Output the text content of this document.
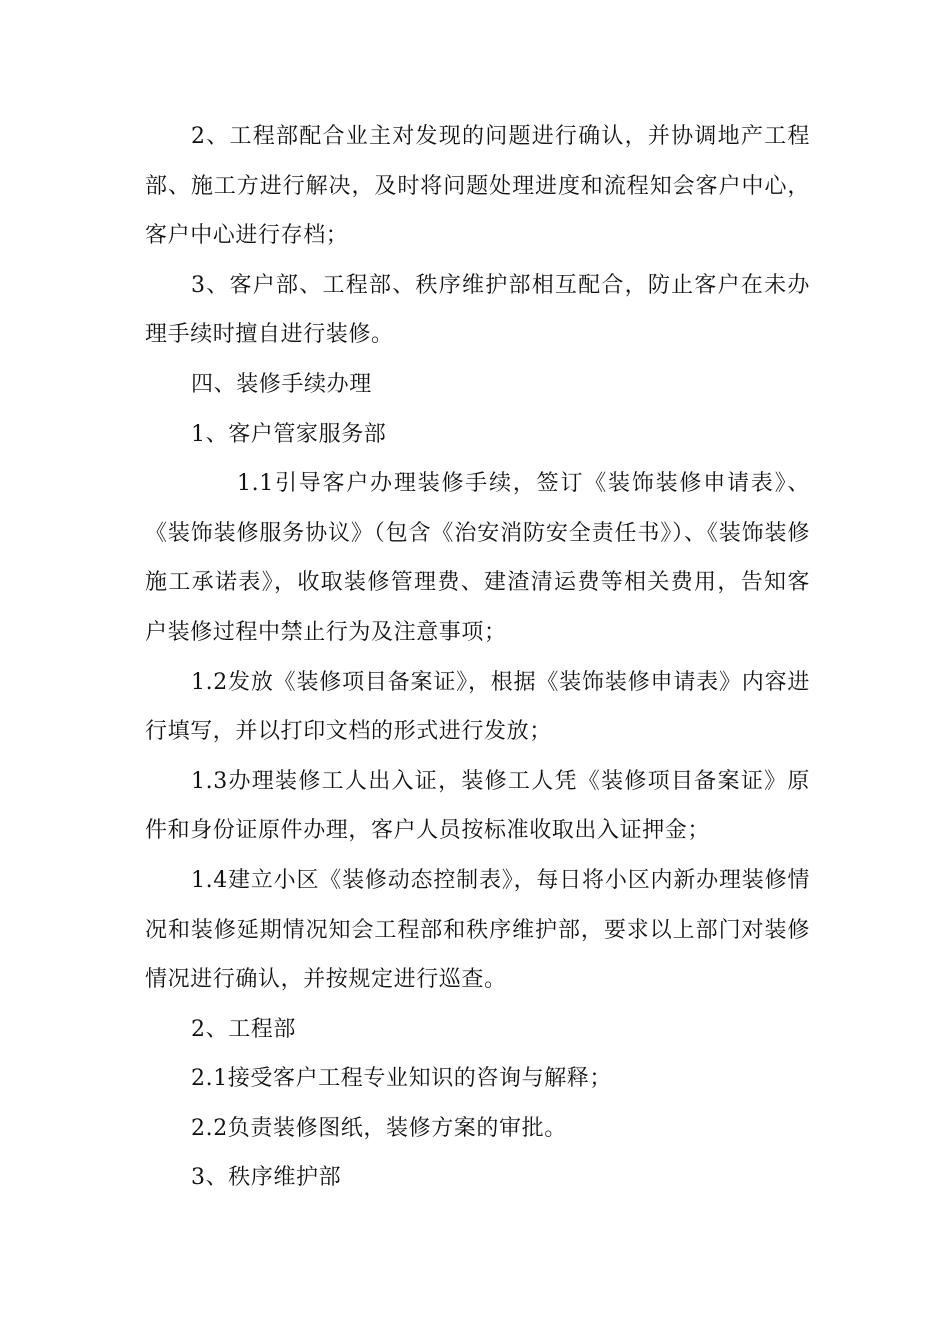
2、工程部配合业主对发现的问题进行确认，并协调地产工程部、施工方进行解决，及时将问题处理进度和流程知会客户中心，客户中心进行存档；

3、客户部、工程部、秩序维护部相互配合，防止客户在未办理手续时擅自进行装修。

四、装修手续办理

1、客户管家服务部

1.1引导客户办理装修手续，签订《装饰装修申请表》、《装饰装修服务协议》（包含《治安消防安全责任书》）、《装饰装修施工承诺表》，收取装修管理费、建渣清运费等相关费用，告知客户装修过程中禁止行为及注意事项；

1.2发放《装修项目备案证》，根据《装饰装修申请表》内容进行填写，并以打印文档的形式进行发放；

1.3办理装修工人出入证，装修工人凭《装修项目备案证》原件和身份证原件办理，客户人员按标准收取出入证押金；

1.4建立小区《装修动态控制表》，每日将小区内新办理装修情况和装修延期情况知会工程部和秩序维护部，要求以上部门对装修情况进行确认，并按规定进行巡查。

2、工程部

2.1接受客户工程专业知识的咨询与解释；

2.2负责装修图纸，装修方案的审批。

3、秩序维护部
